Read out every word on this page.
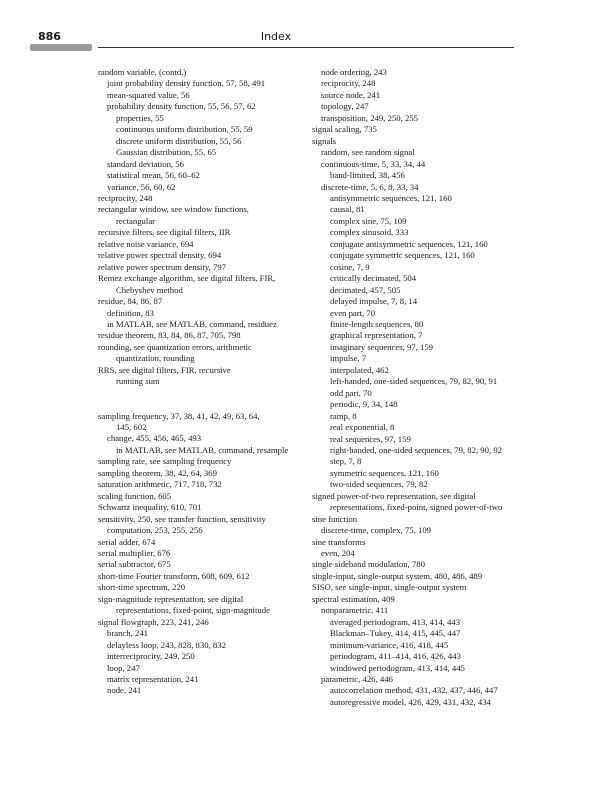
886	Index
random variable, (contd.)
joint probability density function, 57, 58, 491
mean-squared value, 56
probability density function, 55, 56, 57, 62
properties, 55
continuous uniform distribution, 55, 59
discrete uniform distribution, 55, 56
Gaussian distribution, 55, 65
standard deviation, 56
statistical mean, 56, 60–62
variance, 56, 60, 62
reciprocity, 248
rectangular window, see window functions,
rectangular
recursive filters, see digital filters, IIR
relative noise variance, 694
relative power spectral density, 694
relative power spectrum density, 797
Remez exchange algorithm, see digital filters, FIR,
Chebyshev method
residue, 84, 86, 87
definition, 83
in MATLAB, see MATLAB, command, residuez
residue theorem, 83, 84, 86, 87, 705, 798
rounding, see quantization errors, arithmetic
quantization, rounding
RRS, see digital filters, FIR, recursive
running sum
sampling frequency, 37, 38, 41, 42, 49, 63, 64,
145, 602
change, 455, 456, 465, 493
in MATLAB, see MATLAB, command, resample
sampling rate, see sampling frequency
sampling theorem, 38, 42, 64, 369
saturation arithmetic, 717, 718, 732
scaling function, 605
Schwartz inequality, 610, 701
sensitivity, 250, see transfer function, sensitivity
computation, 253, 255, 256
serial adder, 674
serial multiplier, 676
serial subtractor, 675
short-time Fourier transform, 608, 609, 612
short-time spectrum, 220
sign-magnitude representation, see digital
representations, fixed-point, sign-magnitude
signal flowgraph, 223, 241, 246
branch, 241
delayless loop, 243, 828, 830, 832
interreciprocity, 249, 250
loop, 247
matrix representation, 241
node, 241
node ordering, 243
reciprocity, 248
source node, 241
topology, 247
transposition, 249, 250, 255
signal scaling, 735
signals
random, see random signal
continuous-time, 5, 33, 34, 44
band-limited, 38, 456
discrete-time, 5, 6, 8, 33, 34
antisymmetric sequences, 121, 160
causal, 81
complex sine, 75, 109
complex sinusoid, 333
conjugate antisymmetric sequences, 121, 160
conjugate symmetric sequences, 121, 160
cosine, 7, 9
critically decimated, 504
decimated, 457, 505
delayed impulse, 7, 8, 14
even part, 70
finite-length sequences, 80
graphical representation, 7
imaginary sequences, 97, 159
impulse, 7
interpolated, 462
left-handed, one-sided sequences, 79, 82, 90, 91
odd part, 70
periodic, 9, 34, 148
ramp, 8
real exponential, 8
real sequences, 97, 159
right-handed, one-sided sequences, 79, 82, 90, 92
step, 7, 8
symmetric sequences, 121, 160
two-sided sequences, 79, 82
signed power-of-two representation, see digital
representations, fixed-point, signed power-of-two
sine function
discrete-time, complex, 75, 109
sine transforms
even, 204
single sideband modulation, 780
single-input, single-output system, 480, 486, 489
SISO, see single-input, single-output system
spectral estimation, 409
nonparametric, 411
averaged periodogram, 413, 414, 443
Blackman–Tukey, 414, 415, 445, 447
minimum-variance, 416, 418, 445
periodogram, 411–414, 416, 426, 443
windowed periodogram, 413, 414, 445
parametric, 426, 446
autocorrelation method, 431, 432, 437, 446, 447
autoregressive model, 426, 429, 431, 432, 434
